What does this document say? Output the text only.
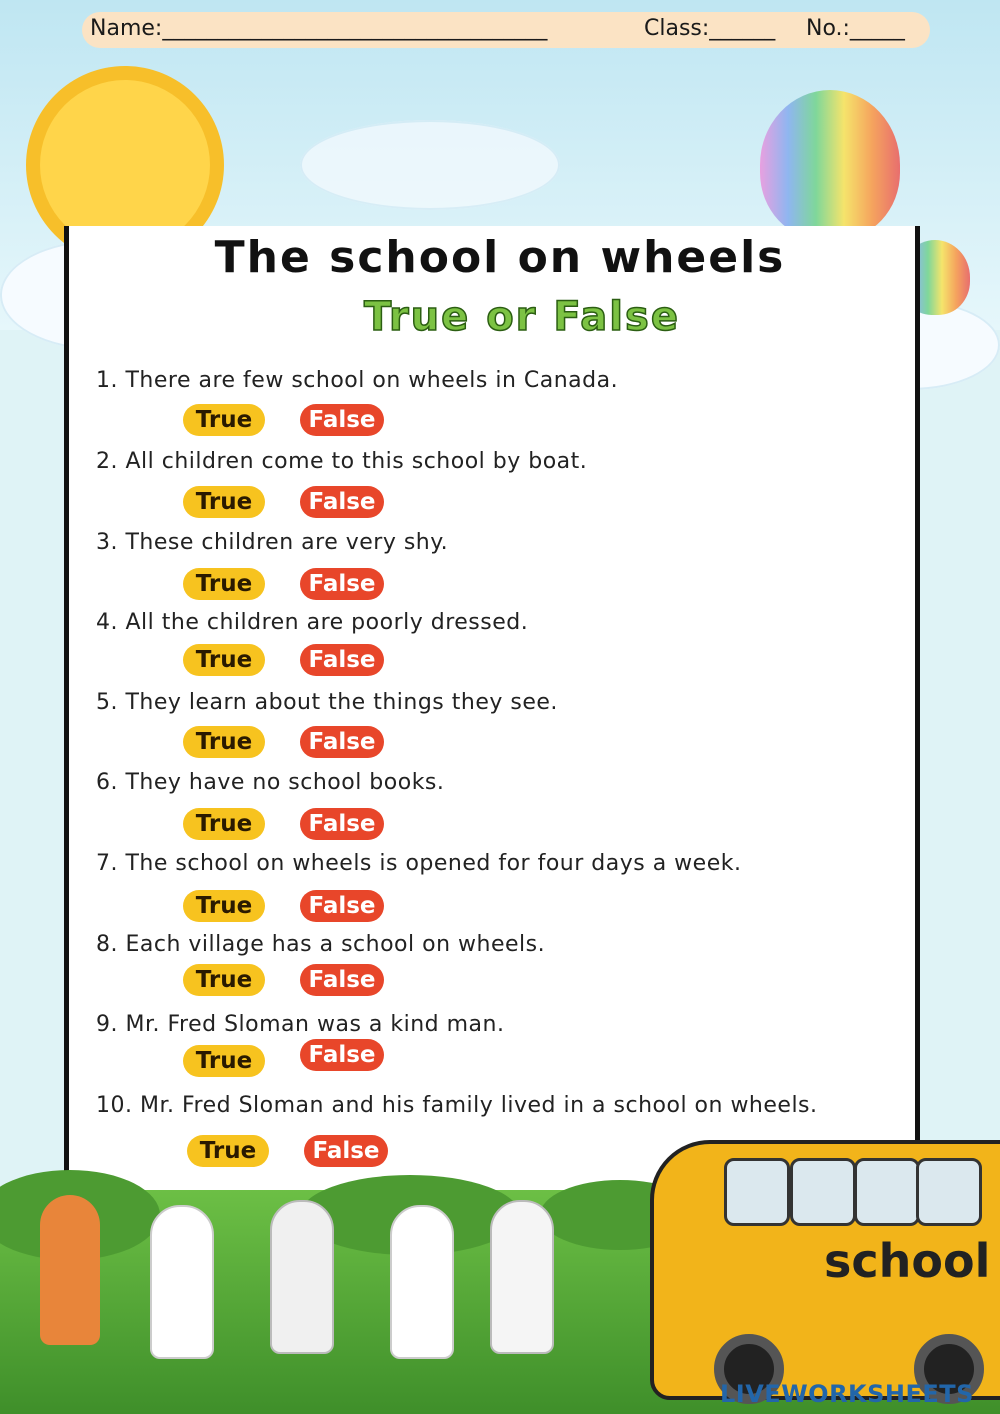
Name:___________________________________	Class:______ No.:_____
The school on wheels
True or False
1. There are few school on wheels in Canada.
True	False
2. All children come to this school by boat.
True	False
3. These children are very shy.
True	False
4. All the children are poorly dressed.
True	False
5. They learn about the things they see.
True	False
6. They have no school books.
True	False
7. The school on wheels is opened for four days a week.
True	False
8. Each village has a school on wheels.
True	False
9. Mr. Fred Sloman was a kind man.
True	False
10. Mr. Fred Sloman and his family lived in a school on wheels.
True	False
school
LIVEWORKSHEETS
